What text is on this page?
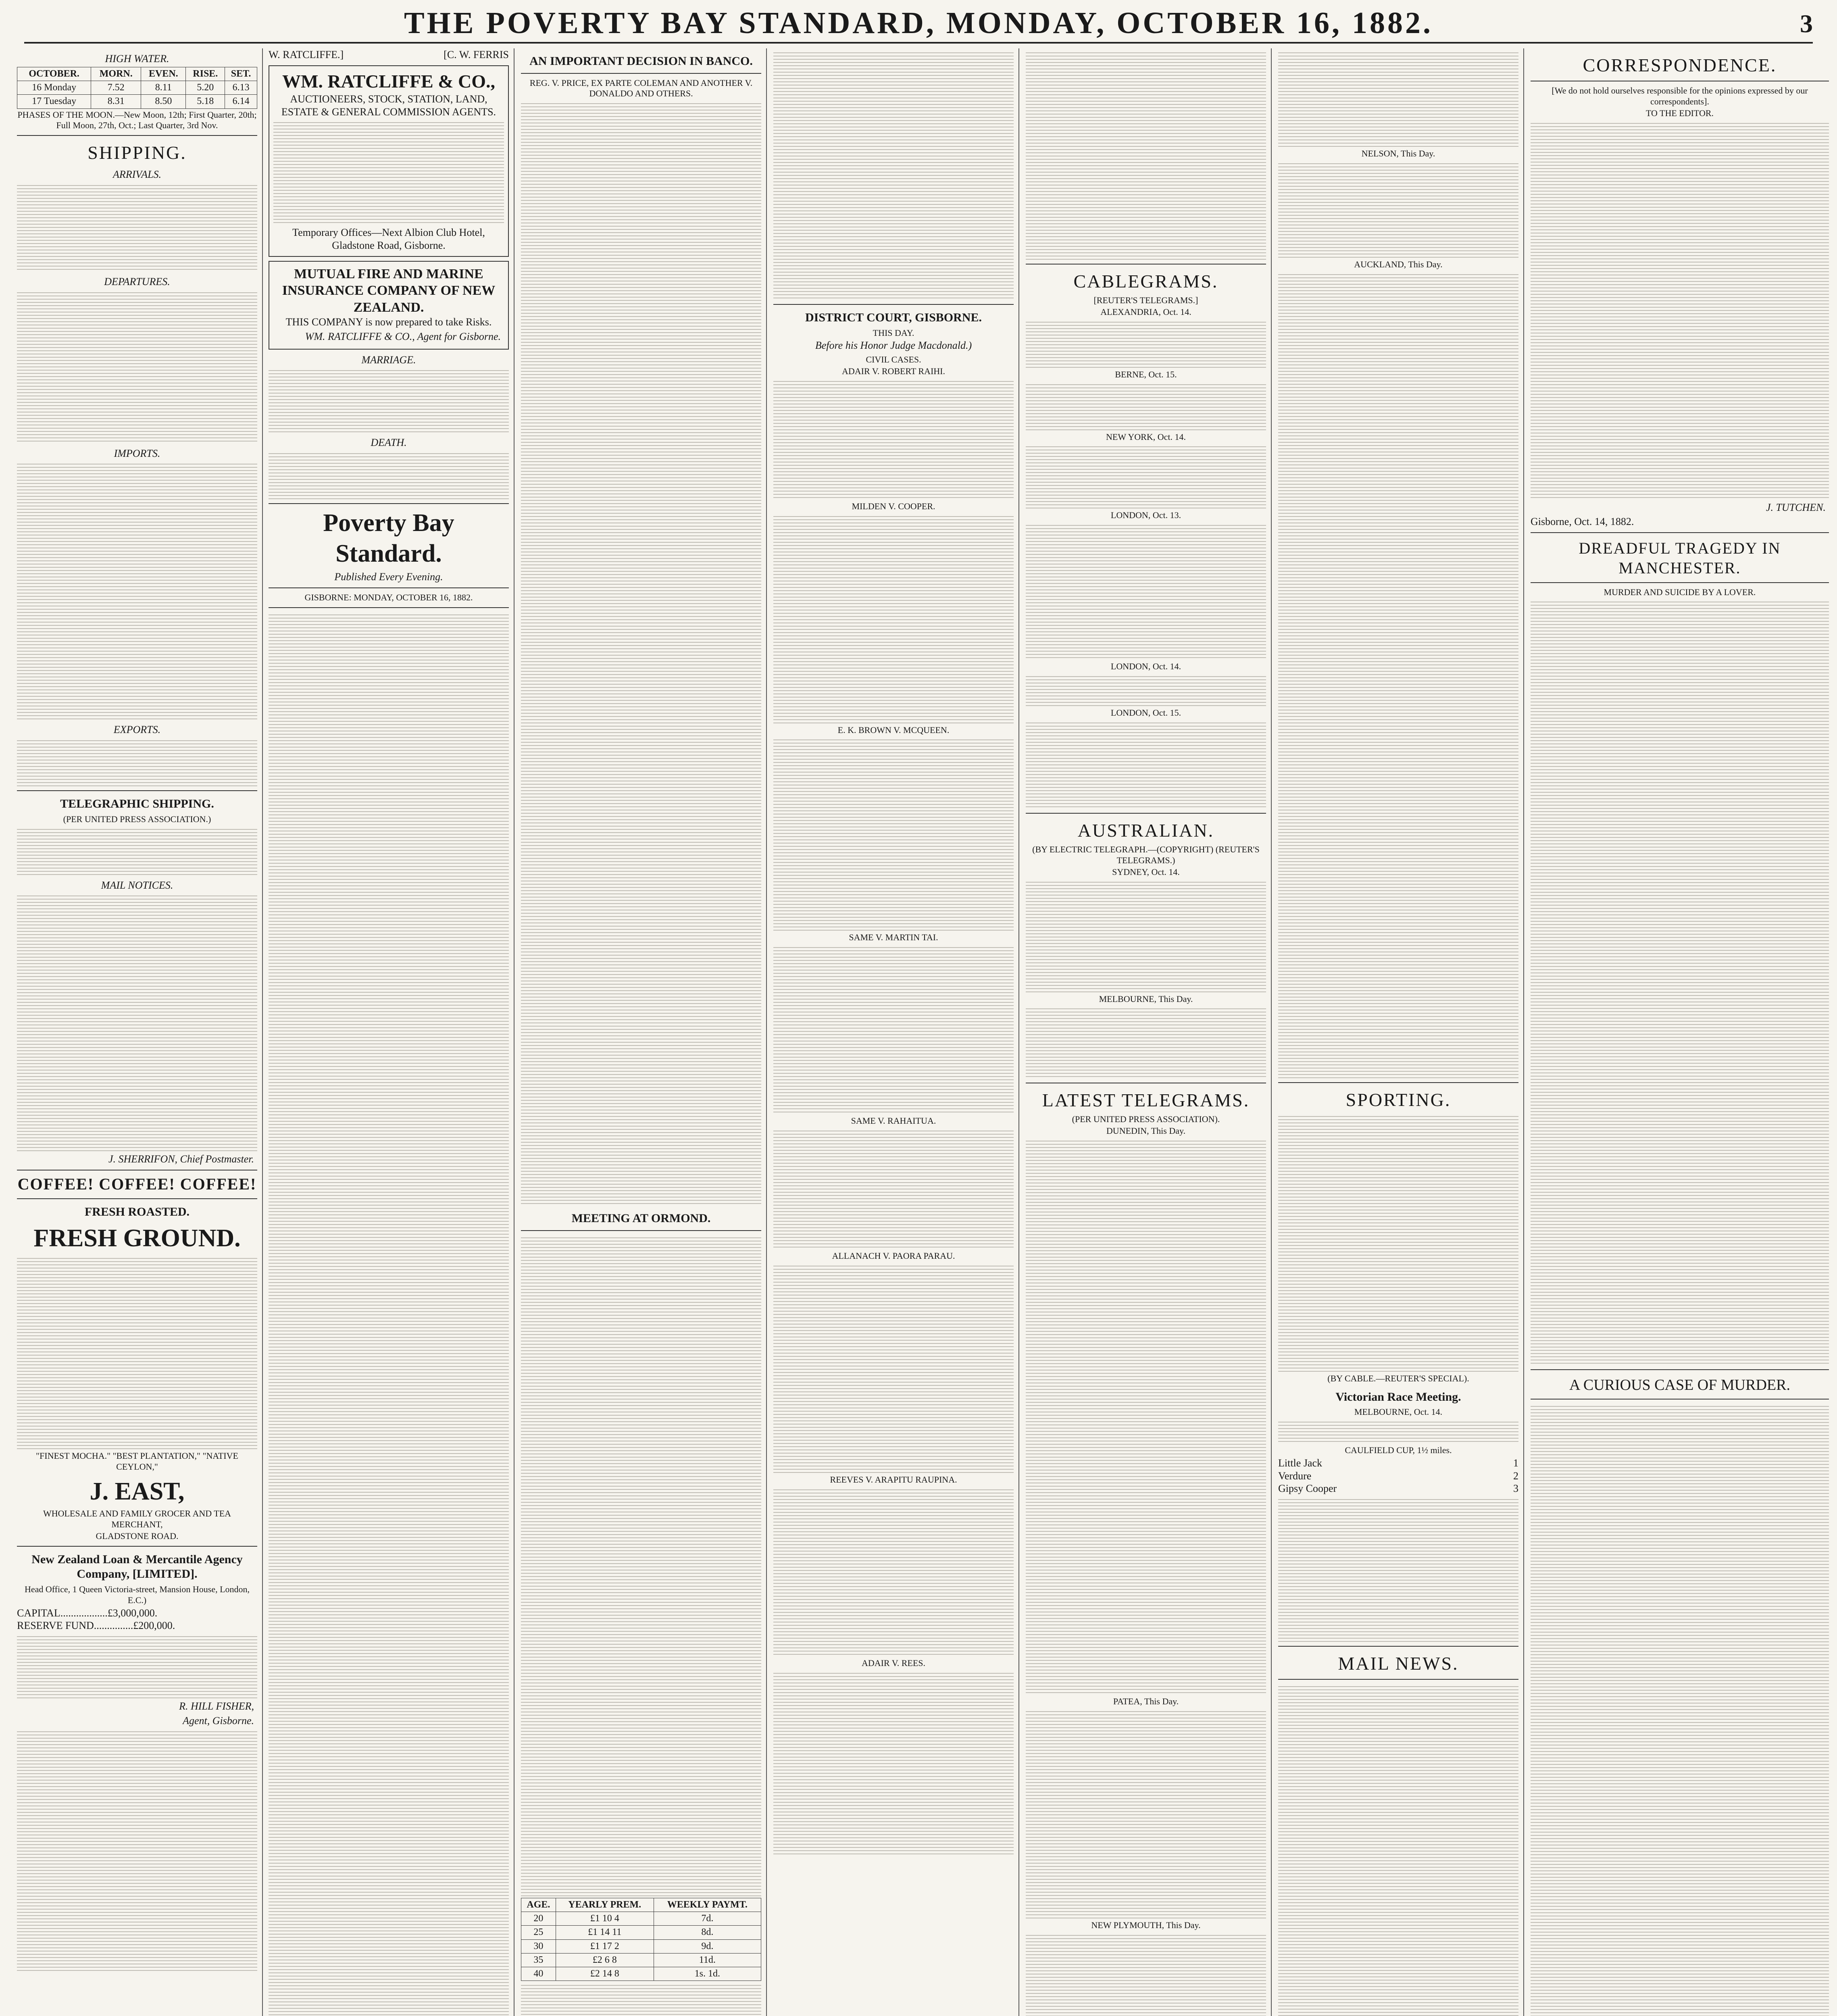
THE POVERTY BAY STANDARD, MONDAY, OCTOBER 16, 1882.	3
HIGH WATER.
OCTOBER.	MORN.	EVEN.	RISE.	SET.
16 Monday	7.52	8.11	5.20	6.13
17 Tuesday	8.31	8.50	5.18	6.14
PHASES OF THE MOON.—New Moon, 12th; First Quarter, 20th; Full Moon, 27th, Oct.; Last Quarter, 3rd Nov.
SHIPPING.
ARRIVALS.
DEPARTURES.
IMPORTS.
EXPORTS.
TELEGRAPHIC SHIPPING.
(PER UNITED PRESS ASSOCIATION.)
MAIL NOTICES.
J. SHERRIFON, Chief Postmaster.
COFFEE! COFFEE! COFFEE!
FRESH ROASTED.
FRESH GROUND.
"FINEST MOCHA." "BEST PLANTATION," "NATIVE CEYLON,"
J. EAST,
WHOLESALE AND FAMILY GROCER AND TEA MERCHANT,
GLADSTONE ROAD.
New Zealand Loan & Mercantile Agency Company, [LIMITED].
Head Office, 1 Queen Victoria-street, Mansion House, London, E.C.)
CAPITAL..................£3,000,000.
RESERVE FUND...............£200,000.
R. HILL FISHER,
Agent, Gisborne.
W. RATCLIFFE.]	[C. W. FERRIS
WM. RATCLIFFE & CO.,
AUCTIONEERS, STOCK, STATION, LAND, ESTATE & GENERAL COMMISSION AGENTS.
Temporary Offices—Next Albion Club Hotel, Gladstone Road, Gisborne.
MUTUAL FIRE AND MARINE INSURANCE COMPANY OF NEW ZEALAND.
THIS COMPANY is now prepared to take Risks.
WM. RATCLIFFE & CO., Agent for Gisborne.
MARRIAGE.
DEATH.
Poverty Bay Standard.
Published Every Evening.
GISBORNE: MONDAY, OCTOBER 16, 1882.
AN IMPORTANT DECISION IN BANCO.
REG. V. PRICE, EX PARTE COLEMAN AND ANOTHER V. DONALDO AND OTHERS.
MEETING AT ORMOND.
AGE.	YEARLY PREM.	WEEKLY PAYMT.
20	£1 10 4	7d.
25	£1 14 11	8d.
30	£1 17 2	9d.
35	£2 6 8	11d.
40	£2 14 8	1s. 1d.
DISTRICT COURT, GISBORNE.
THIS DAY.
Before his Honor Judge Macdonald.)
CIVIL CASES.
ADAIR V. ROBERT RAIHI.
MILDEN V. COOPER.
E. K. BROWN V. MCQUEEN.
SAME V. MARTIN TAI.
SAME V. RAHAITUA.
ALLANACH V. PAORA PARAU.
REEVES V. ARAPITU RAUPINA.
ADAIR V. REES.
CABLEGRAMS.
[REUTER'S TELEGRAMS.]
ALEXANDRIA, Oct. 14.
BERNE, Oct. 15.
NEW YORK, Oct. 14.
LONDON, Oct. 13.
LONDON, Oct. 14.
LONDON, Oct. 15.
AUSTRALIAN.
(BY ELECTRIC TELEGRAPH.—(COPYRIGHT) (REUTER'S TELEGRAMS.)
SYDNEY, Oct. 14.
MELBOURNE, This Day.
LATEST TELEGRAMS.
(PER UNITED PRESS ASSOCIATION).
DUNEDIN, This Day.
PATEA, This Day.
NEW PLYMOUTH, This Day.
NELSON, This Day.
AUCKLAND, This Day.
SPORTING.
(BY CABLE.—REUTER'S SPECIAL).
Victorian Race Meeting.
MELBOURNE, Oct. 14.
CAULFIELD CUP, 1½ miles.
Little Jack	1
Verdure	2
Gipsy Cooper	3
MAIL NEWS.
CORRESPONDENCE.
[We do not hold ourselves responsible for the opinions expressed by our correspondents].
TO THE EDITOR.
J. TUTCHEN.
Gisborne, Oct. 14, 1882.
DREADFUL TRAGEDY IN MANCHESTER.
MURDER AND SUICIDE BY A LOVER.
A CURIOUS CASE OF MURDER.
